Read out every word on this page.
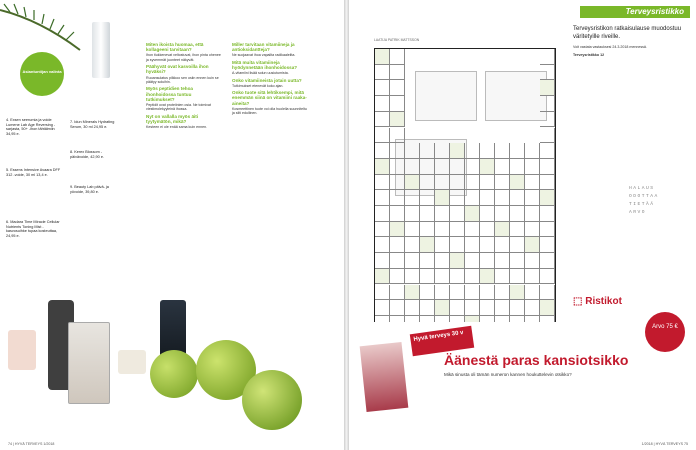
Asiantuntijan valinta
4. Exsen seerumia ja voide Lumene Lab Age Reversing -sarjasta, 50+ -ihon tähtäimiin 34,95 e.
5. Essens Intensive Avaara DFF 312 -voide, 30 ml 13,4 e.
6. Madara Time Miracle Cellular Nutrients Toning Mist - kasvosuihke tupaa kosteuttaa, 24,95 e.
7. Idun Minerals Hydrating Serum, 30 ml 24,95 e.
8. Kerex Blossom -päivävoide, 42,90 e.
9. Beauty Lab päivä- ja yövoide, 39,80 e.
Miten ikoista huomaa, että kollageeni tarvitaan?

Ihon tiukkenevat veltostuvat, ihon pinta ohenee ja syvemmät juonteet näkyvät.

Päähyvät ovat kasvoilla ihon hyväksi?

Ruoansulatus pilkkoo sen osiin ennen kuin se päätyy soluihin.

Myös peptidien tehoa ihonhoidossa tuntuu tutkimukset?

Peptidit ovat proteiinien osia. Ne toimivat viestimolekyyleinä ihossa.

Nyt on vallalla myös äiti tyytymätön, mikä?

Kesteen ei ole enää sama kuin ennen.

Miller tarvitaan vitamiineja ja antioksidantteja?

Ne suojaavat ihoa vapailta radikaaleilta.

Mitä muita vitamiineja hyödynnetään ihonhoidossa?

A-vitamiini lisää solun uusiutumista.

Onko vitamiineista jotain uutta?

Tutkimukset etenevät koko ajan.

Onko tuote sitä lehtiksempi, mitä enemmän siinä on vitamiini raaka-aineita?

Kosmeettinen tuote voi olla huolella suunniteltu ja silti edullinen.

74 | HYVÄ TERVEYS 1/2018
LAATIJA PATRIK MATTSSON
Terveysristikko
Terveysristikon ratkaisulause muodostuu väritetyille riveille.
Voit vastata vastauksesi 24.3.2018 mennessä.
Terveysristikko 12
HALAUS
ODOTTAA
TIETÄÄ
ARVO
⬚ Ristikot
Hyvä terveys 30 v
Äänestä paras kansiotsikko
Mikä sinusta oli tämän numeron kannen houkuttelevin otsikko?
Arvo 75 €
1/2018 | HYVÄ TERVEYS 75
